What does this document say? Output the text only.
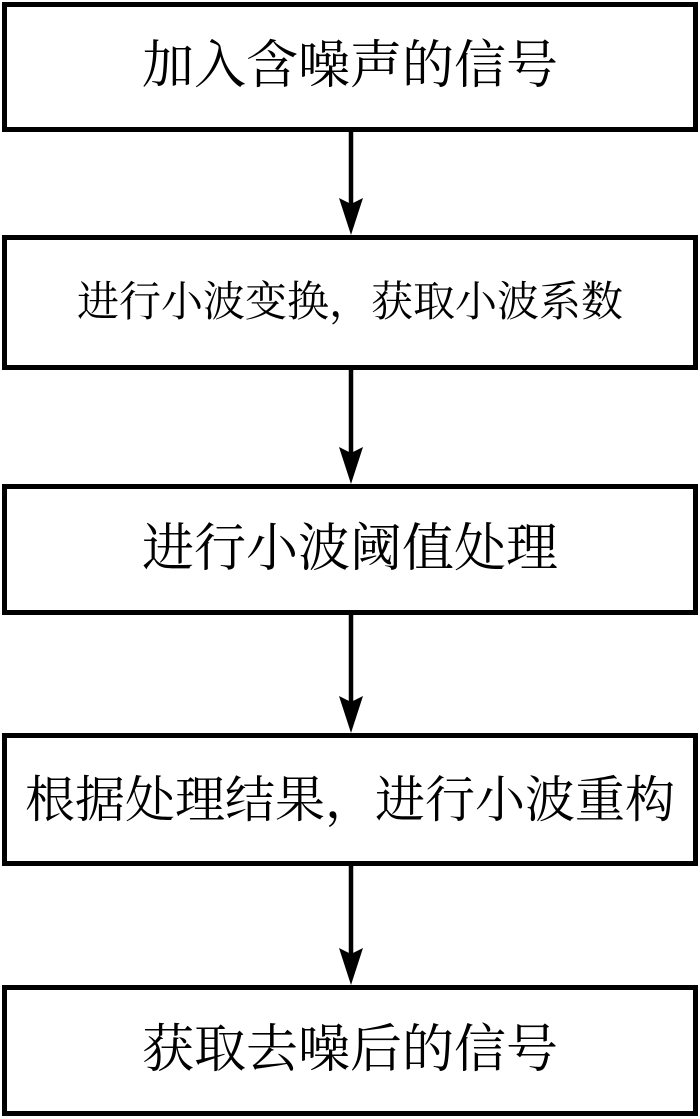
加入含噪声的信号
进行小波变换，获取小波系数
进行小波阈值处理
根据处理结果，进行小波重构
获取去噪后的信号
